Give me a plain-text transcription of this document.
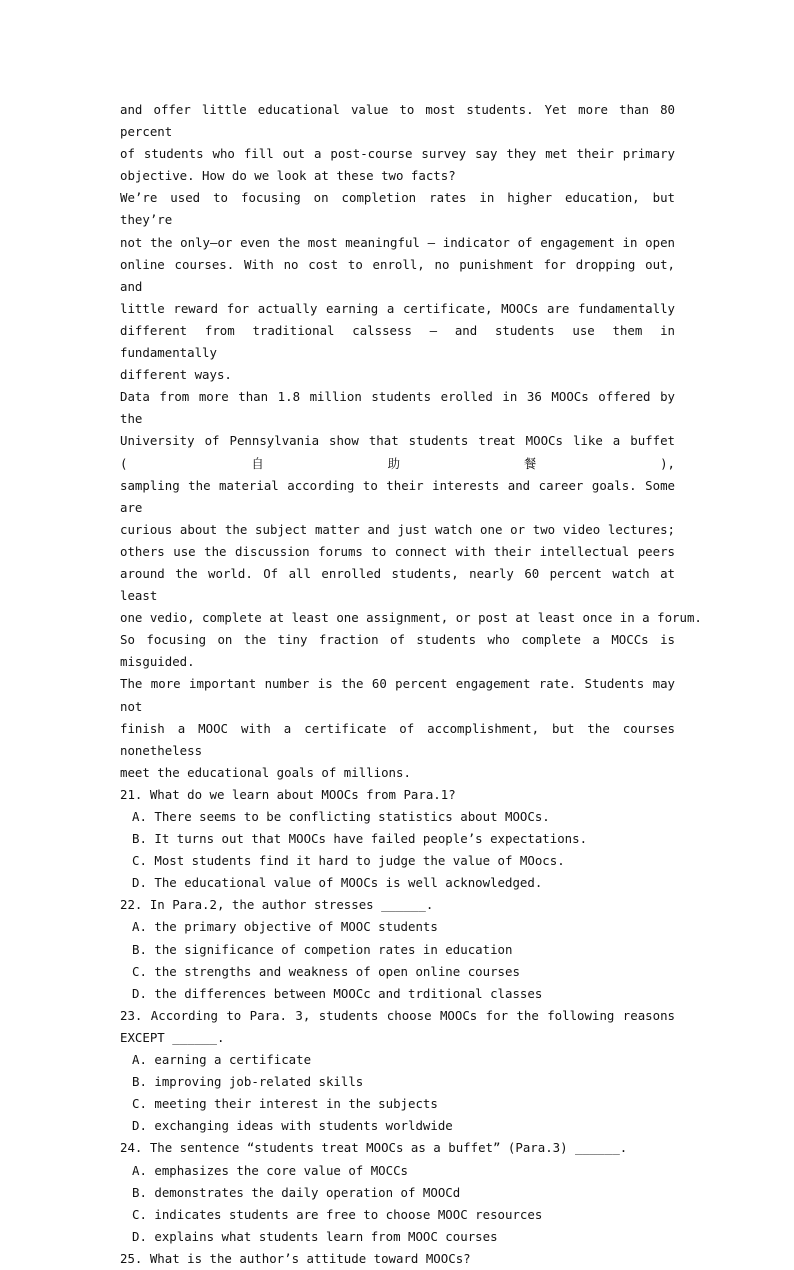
and offer little educational value to most students. Yet more than 80 percent
of students who fill out a post-course survey say they met their primary
objective. How do we look at these two facts?

We’re used to focusing on completion rates in higher education, but they’re
not the only—or even the most meaningful — indicator of engagement in open
online courses. With no cost to enroll, no punishment for dropping out, and
little reward for actually earning a certificate, MOOCs are fundamentally
different from traditional calssess — and students use them in fundamentally
different ways.

Data from more than 1.8 million students erolled in 36 MOOCs offered by the
University of Pennsylvania show that students treat MOOCs like a buffet (自助餐),
sampling the material according to their interests and career goals. Some are
curious about the subject matter and just watch one or two video lectures;
others use the discussion forums to connect with their intellectual peers
around the world. Of all enrolled students, nearly 60 percent watch at least
one vedio, complete at least one assignment, or post at least once in a forum.

So focusing on the tiny fraction of students who complete a MOCCs is misguided.
The more important number is the 60 percent engagement rate. Students may not
finish a MOOC with a certificate of accomplishment, but the courses nonetheless
meet the educational goals of millions.

21. What do we learn about MOOCs from Para.1?

A. There seems to be conflicting statistics about MOOCs.

B. It turns out that MOOCs have failed people’s expectations.

C. Most students find it hard to judge the value of MOocs.

D. The educational value of MOOCs is well acknowledged.

22. In Para.2, the author stresses ______.

A. the primary objective of MOOC students

B. the significance of competion rates in education

C. the strengths and weakness of open online courses

D. the differences between MOOCc and trditional classes

23. According to Para. 3, students choose MOOCs for the following reasons
EXCEPT ______.

A. earning a certificate

B. improving job-related skills

C. meeting their interest in the subjects

D. exchanging ideas with students worldwide

24. The sentence “students treat MOOCs as a buffet” (Para.3) ______.

A. emphasizes the core value of MOCCs

B. demonstrates the daily operation of MOOCd

C. indicates students are free to choose MOOC resources

D. explains what students learn from MOOC courses

25. What is the author’s attitude toward MOOCs?
